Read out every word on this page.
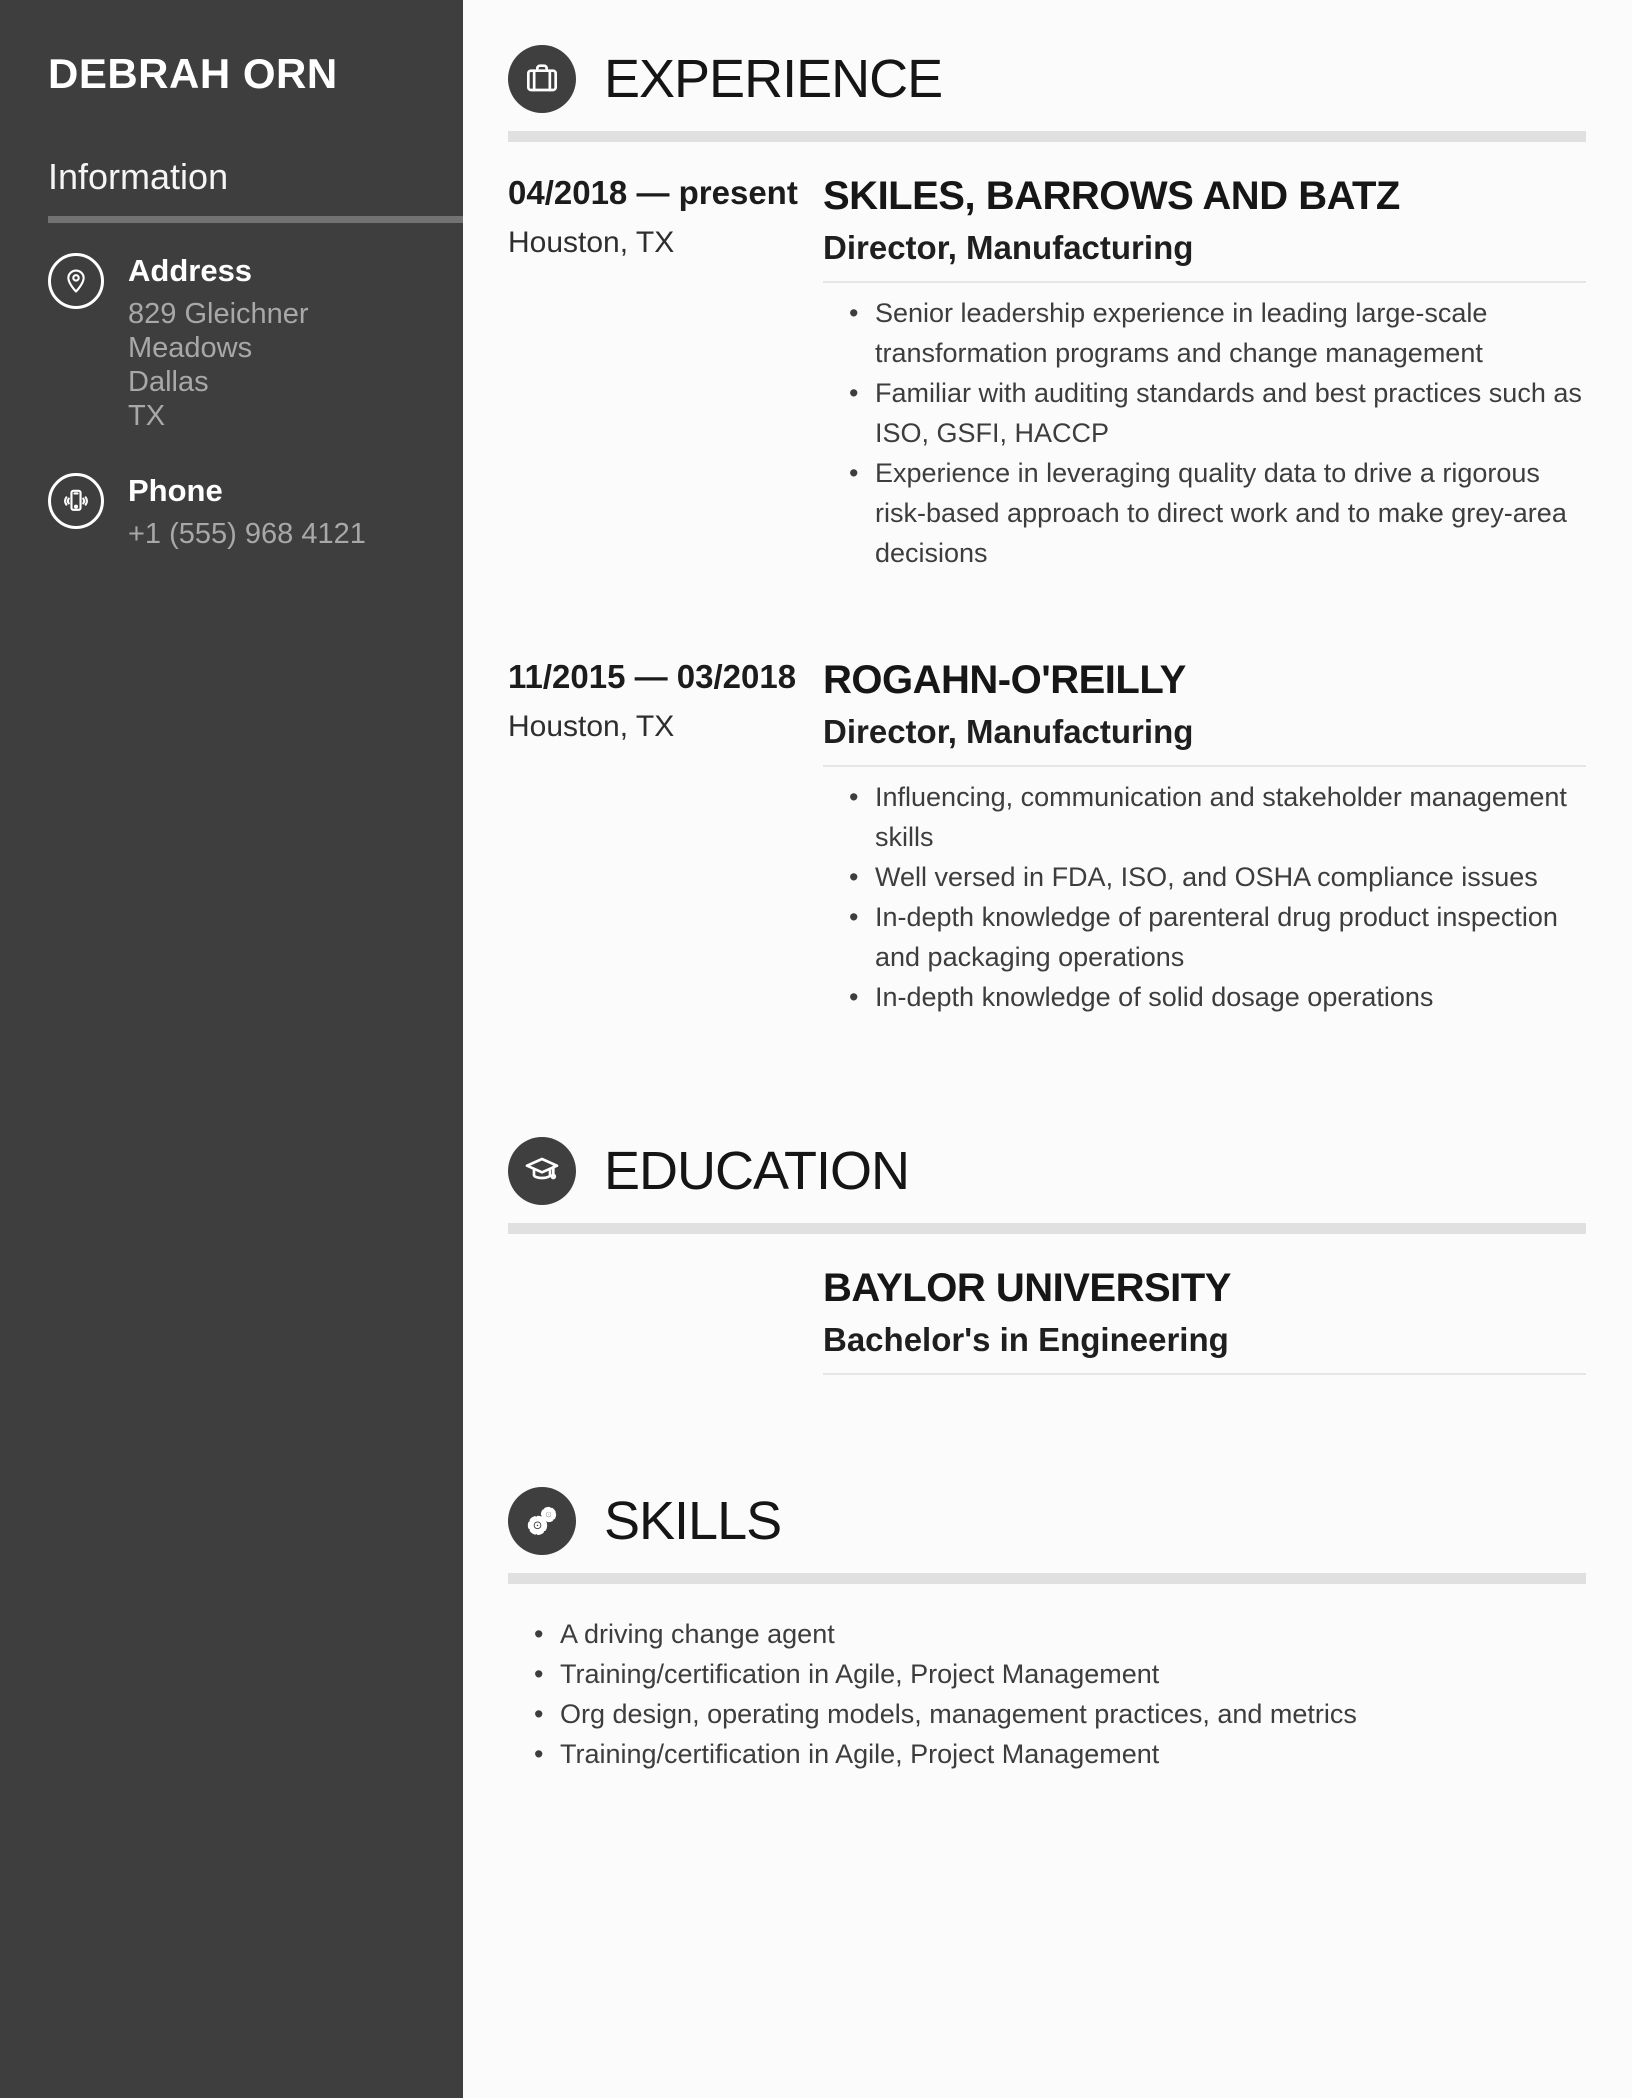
DEBRAH ORN
Information
Address
829 Gleichner Meadows
Dallas
TX
Phone
+1 (555) 968 4121
EXPERIENCE
04/2018 — present
Houston, TX
SKILES, BARROWS AND BATZ
Director, Manufacturing
• Senior leadership experience in leading large-scale transformation programs and change management
• Familiar with auditing standards and best practices such as ISO, GSFI, HACCP
• Experience in leveraging quality data to drive a rigorous risk-based approach to direct work and to make grey-area decisions
11/2015 — 03/2018
Houston, TX
ROGAHN-O'REILLY
Director, Manufacturing
• Influencing, communication and stakeholder management skills
• Well versed in FDA, ISO, and OSHA compliance issues
• In-depth knowledge of parenteral drug product inspection and packaging operations
• In-depth knowledge of solid dosage operations
EDUCATION
BAYLOR UNIVERSITY
Bachelor's in Engineering
SKILLS
• A driving change agent
• Training/certification in Agile, Project Management
• Org design, operating models, management practices, and metrics
• Training/certification in Agile, Project Management
